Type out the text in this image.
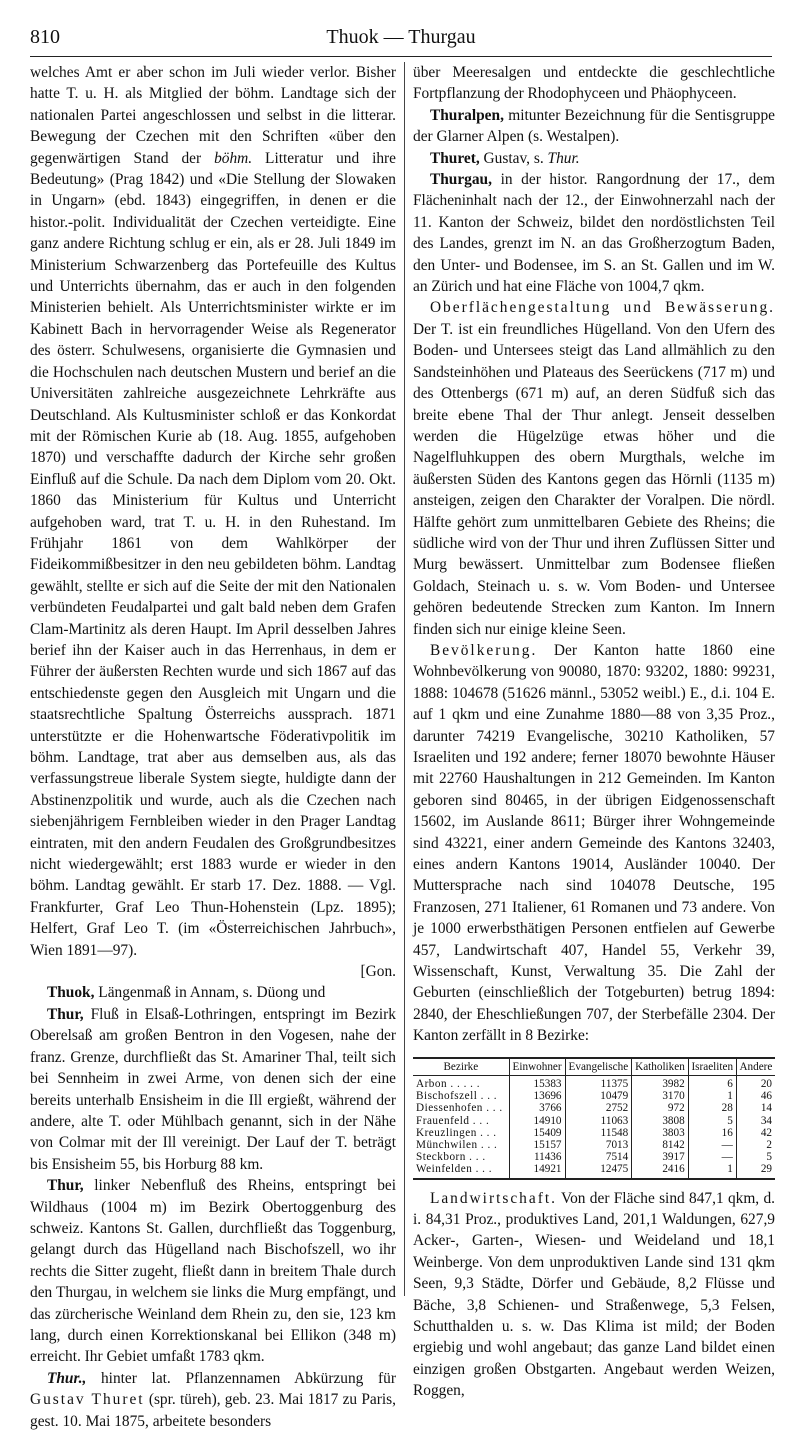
810	Thuok — Thurgau

welches Amt er aber schon im Juli wieder verlor. Bisher hatte T. u. H. als Mitglied der böhm. Landtage sich der nationalen Partei angeschlossen und selbst in die litterar. Bewegung der Czechen mit den Schriften «über den gegenwärtigen Stand der böhm. Litteratur und ihre Bedeutung» (Prag 1842) und «Die Stellung der Slowaken in Ungarn» (ebd. 1843) eingegriffen, in denen er die histor.-polit. Individualität der Czechen verteidigte. Eine ganz andere Richtung schlug er ein, als er 28. Juli 1849 im Ministerium Schwarzenberg das Portefeuille des Kultus und Unterrichts übernahm, das er auch in den folgenden Ministerien behielt. Als Unterrichtsminister wirkte er im Kabinett Bach in hervorragender Weise als Regenerator des österr. Schulwesens, organisierte die Gymnasien und die Hochschulen nach deutschen Mustern und berief an die Universitäten zahlreiche ausgezeichnete Lehrkräfte aus Deutschland. Als Kultusminister schloß er das Konkordat mit der Römischen Kurie ab (18. Aug. 1855, aufgehoben 1870) und verschaffte dadurch der Kirche sehr großen Einfluß auf die Schule. Da nach dem Diplom vom 20. Okt. 1860 das Ministerium für Kultus und Unterricht aufgehoben ward, trat T. u. H. in den Ruhestand. Im Frühjahr 1861 von dem Wahlkörper der Fideikommißbesitzer in den neu gebildeten böhm. Landtag gewählt, stellte er sich auf die Seite der mit den Nationalen verbündeten Feudalpartei und galt bald neben dem Grafen Clam-Martinitz als deren Haupt. Im April desselben Jahres berief ihn der Kaiser auch in das Herrenhaus, in dem er Führer der äußersten Rechten wurde und sich 1867 auf das entschiedenste gegen den Ausgleich mit Ungarn und die staatsrechtliche Spaltung Österreichs aussprach. 1871 unterstützte er die Hohenwartsche Föderativpolitik im böhm. Landtage, trat aber aus demselben aus, als das verfassungstreue liberale System siegte, huldigte dann der Abstinenzpolitik und wurde, auch als die Czechen nach siebenjährigem Fernbleiben wieder in den Prager Landtag eintraten, mit den andern Feudalen des Großgrundbesitzes nicht wiedergewählt; erst 1883 wurde er wieder in den böhm. Landtag gewählt. Er starb 17. Dez. 1888. — Vgl. Frankfurter, Graf Leo Thun-Hohenstein (Lpz. 1895); Helfert, Graf Leo T. (im «Österreichischen Jahrbuch», Wien 1891—97).
[Gon.

Thuok, Längenmaß in Annam, s. Düong und

Thur, Fluß in Elsaß-Lothringen, entspringt im Bezirk Oberelsaß am großen Bentron in den Vogesen, nahe der franz. Grenze, durchfließt das St. Amariner Thal, teilt sich bei Sennheim in zwei Arme, von denen sich der eine bereits unterhalb Ensisheim in die Ill ergießt, während der andere, alte T. oder Mühlbach genannt, sich in der Nähe von Colmar mit der Ill vereinigt. Der Lauf der T. beträgt bis Ensisheim 55, bis Horburg 88 km.

Thur, linker Nebenfluß des Rheins, entspringt bei Wildhaus (1004 m) im Bezirk Obertoggenburg des schweiz. Kantons St. Gallen, durchfließt das Toggenburg, gelangt durch das Hügelland nach Bischofszell, wo ihr rechts die Sitter zugeht, fließt dann in breitem Thale durch den Thurgau, in welchem sie links die Murg empfängt, und das zürcherische Weinland dem Rhein zu, den sie, 123 km lang, durch einen Korrektionskanal bei Ellikon (348 m) erreicht. Ihr Gebiet umfaßt 1783 qkm.

Thur., hinter lat. Pflanzennamen Abkürzung für Gustav Thuret (spr. türeh), geb. 23. Mai 1817 zu Paris, gest. 10. Mai 1875, arbeitete besonders

über Meeresalgen und entdeckte die geschlechtliche Fortpflanzung der Rhodophyceen und Phäophyceen.

Thuralpen, mitunter Bezeichnung für die Sentisgruppe der Glarner Alpen (s. Westalpen).

Thuret, Gustav, s. Thur.

Thurgau, in der histor. Rangordnung der 17., dem Flächeninhalt nach der 12., der Einwohnerzahl nach der 11. Kanton der Schweiz, bildet den nordöstlichsten Teil des Landes, grenzt im N. an das Großherzogtum Baden, den Unter- und Bodensee, im S. an St. Gallen und im W. an Zürich und hat eine Fläche von 1004,7 qkm.

Oberflächengestaltung und Bewässerung. Der T. ist ein freundliches Hügelland. Von den Ufern des Boden- und Untersees steigt das Land allmählich zu den Sandsteinhöhen und Plateaus des Seerückens (717 m) und des Ottenbergs (671 m) auf, an deren Südfuß sich das breite ebene Thal der Thur anlegt. Jenseit desselben werden die Hügelzüge etwas höher und die Nagelfluhkuppen des obern Murgthals, welche im äußersten Süden des Kantons gegen das Hörnli (1135 m) ansteigen, zeigen den Charakter der Voralpen. Die nördl. Hälfte gehört zum unmittelbaren Gebiete des Rheins; die südliche wird von der Thur und ihren Zuflüssen Sitter und Murg bewässert. Unmittelbar zum Bodensee fließen Goldach, Steinach u. s. w. Vom Boden- und Untersee gehören bedeutende Strecken zum Kanton. Im Innern finden sich nur einige kleine Seen.

Bevölkerung. Der Kanton hatte 1860 eine Wohnbevölkerung von 90080, 1870: 93202, 1880: 99231, 1888: 104678 (51626 männl., 53052 weibl.) E., d.i. 104 E. auf 1 qkm und eine Zunahme 1880—88 von 3,35 Proz., darunter 74219 Evangelische, 30210 Katholiken, 57 Israeliten und 192 andere; ferner 18070 bewohnte Häuser mit 22760 Haushaltungen in 212 Gemeinden. Im Kanton geboren sind 80465, in der übrigen Eidgenossenschaft 15602, im Auslande 8611; Bürger ihrer Wohngemeinde sind 43221, einer andern Gemeinde des Kantons 32403, eines andern Kantons 19014, Ausländer 10040. Der Muttersprache nach sind 104078 Deutsche, 195 Franzosen, 271 Italiener, 61 Romanen und 73 andere. Von je 1000 erwerbsthätigen Personen entfielen auf Gewerbe 457, Landwirtschaft 407, Handel 55, Verkehr 39, Wissenschaft, Kunst, Verwaltung 35. Die Zahl der Geburten (einschließlich der Totgeburten) betrug 1894: 2840, der Eheschließungen 707, der Sterbefälle 2304. Der Kanton zerfällt in 8 Bezirke:

Bezirke	Einwohner	Evangelische	Katholiken	Israeliten	Andere
Arbon . . . . .	15383	11375	3982	6	20
Bischofszell . . .	13696	10479	3170	1	46
Diessenhofen . . .	3766	2752	972	28	14
Frauenfeld . . .	14910	11063	3808	5	34
Kreuzlingen . . .	15409	11548	3803	16	42
Münchwilen . . .	15157	7013	8142	—	2
Steckborn . . .	11436	7514	3917	—	5
Weinfelden . . .	14921	12475	2416	1	29

Landwirtschaft. Von der Fläche sind 847,1 qkm, d. i. 84,31 Proz., produktives Land, 201,1 Waldungen, 627,9 Acker-, Garten-, Wiesen- und Weideland und 18,1 Weinberge. Von dem unproduktiven Lande sind 131 qkm Seen, 9,3 Städte, Dörfer und Gebäude, 8,2 Flüsse und Bäche, 3,8 Schienen- und Straßenwege, 5,3 Felsen, Schutthalden u. s. w. Das Klima ist mild; der Boden ergiebig und wohl angebaut; das ganze Land bildet einen einzigen großen Obstgarten. Angebaut werden Weizen, Roggen,
